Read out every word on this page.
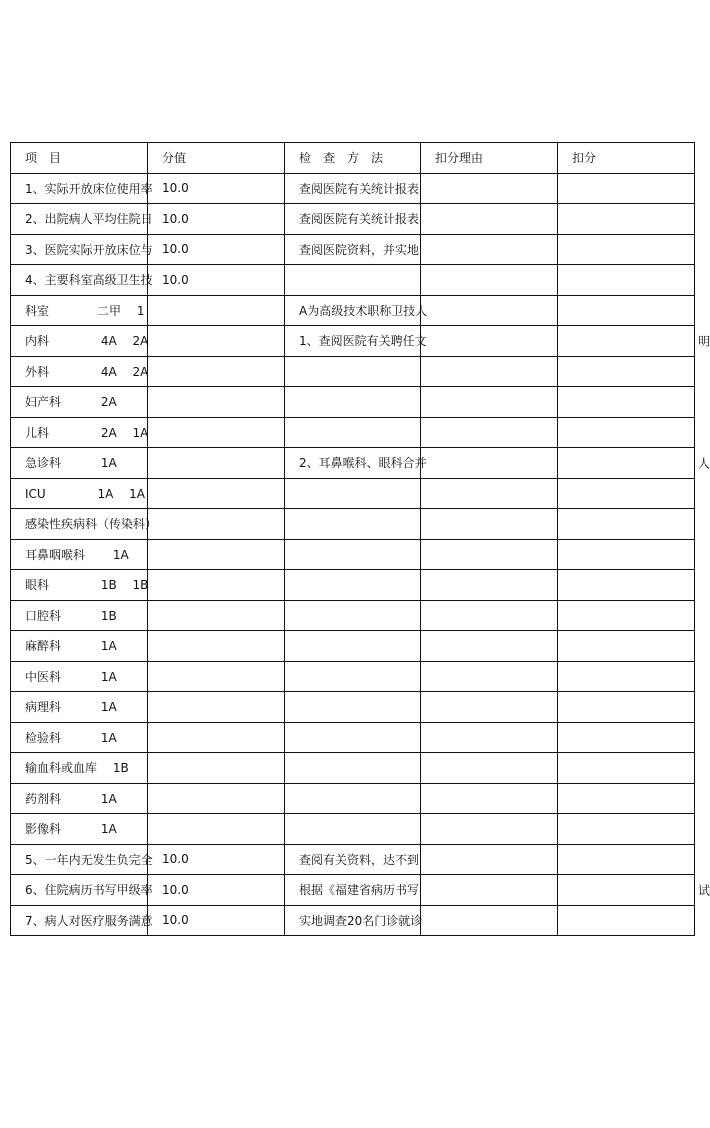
项　目	分值	检　查　方　法	扣分理由	扣分
1、实际开放床位使用率	10.0	查阅医院有关统计报表		
2、出院病人平均住院日	10.0	查阅医院有关统计报表		
3、医院实际开放床位与	10.0	查阅医院资料，并实地		
4、主要科室高级卫生技	10.0			
科室　　　　二甲　 1		A为高级技术职称卫技人		
内科　　　　 4A　 2A		1、查阅医院有关聘任文		明

外科　　　　 4A　 2A				
妇产科　　　 2A				
儿科　　　　 2A　 1A				
急诊科　　　 1A		2、耳鼻喉科、眼科合并		人

ICU　　　　 1A　 1A				
感染性疾病科（传染科）				
耳鼻咽喉科　　 1A				
眼科　　　　 1B　 1B				
口腔科　　　 1B				
麻醉科　　　 1A				
中医科　　　 1A				
病理科　　　 1A				
检验科　　　 1A				
输血科或血库　 1B				
药剂科　　　 1A				
影像科　　　 1A				
5、一年内无发生负完全	10.0	查阅有关资料，达不到		
6、住院病历书写甲级率	10.0	根据《福建省病历书写		试

7、病人对医疗服务满意	10.0	实地调查20名门诊就诊		
